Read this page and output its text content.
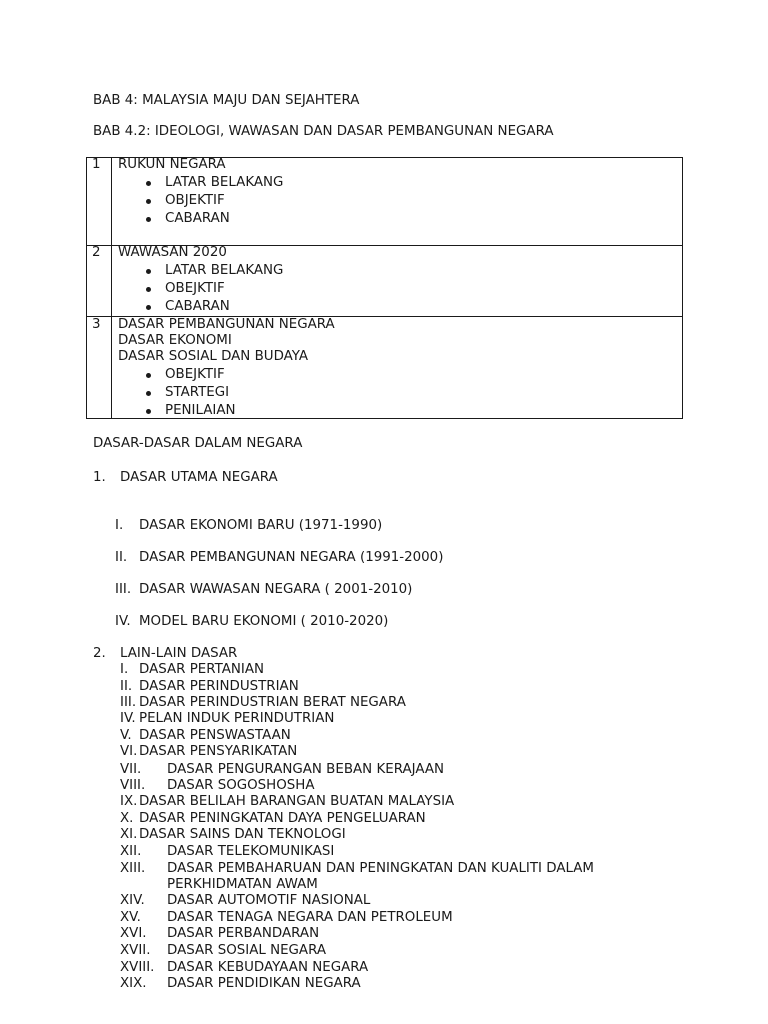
BAB 4: MALAYSIA MAJU DAN SEJAHTERA
BAB 4.2: IDEOLOGI, WAWASAN DAN DASAR PEMBANGUNAN NEGARA
1 RUKUN NEGARA
LATAR BELAKANG
OBJEKTIF
CABARAN
2 WAWASAN 2020
LATAR BELAKANG
OBEJKTIF
CABARAN
3 DASAR PEMBANGUNAN NEGARA
DASAR EKONOMI
DASAR SOSIAL DAN BUDAYA
OBEJKTIF
STARTEGI
PENILAIAN
DASAR-DASAR DALAM NEGARA
1. DASAR UTAMA NEGARA
I. DASAR EKONOMI BARU (1971-1990)
II. DASAR PEMBANGUNAN NEGARA (1991-2000)
III. DASAR WAWASAN NEGARA ( 2001-2010)
IV. MODEL BARU EKONOMI ( 2010-2020)
2. LAIN-LAIN DASAR
I. DASAR PERTANIAN
II. DASAR PERINDUSTRIAN
III. DASAR PERINDUSTRIAN BERAT NEGARA
IV. PELAN INDUK PERINDUTRIAN
V. DASAR PENSWASTAAN
VI. DASAR PENSYARIKATAN
VII. DASAR PENGURANGAN BEBAN KERAJAAN
VIII. DASAR SOGOSHOSHA
IX. DASAR BELILAH BARANGAN BUATAN MALAYSIA
X. DASAR PENINGKATAN DAYA PENGELUARAN
XI. DASAR SAINS DAN TEKNOLOGI
XII. DASAR TELEKOMUNIKASI
XIII. DASAR PEMBAHARUAN DAN PENINGKATAN DAN KUALITI DALAM
PERKHIDMATAN AWAM
XIV. DASAR AUTOMOTIF NASIONAL
XV. DASAR TENAGA NEGARA DAN PETROLEUM
XVI. DASAR PERBANDARAN
XVII. DASAR SOSIAL NEGARA
XVIII. DASAR KEBUDAYAAN NEGARA
XIX. DASAR PENDIDIKAN NEGARA
